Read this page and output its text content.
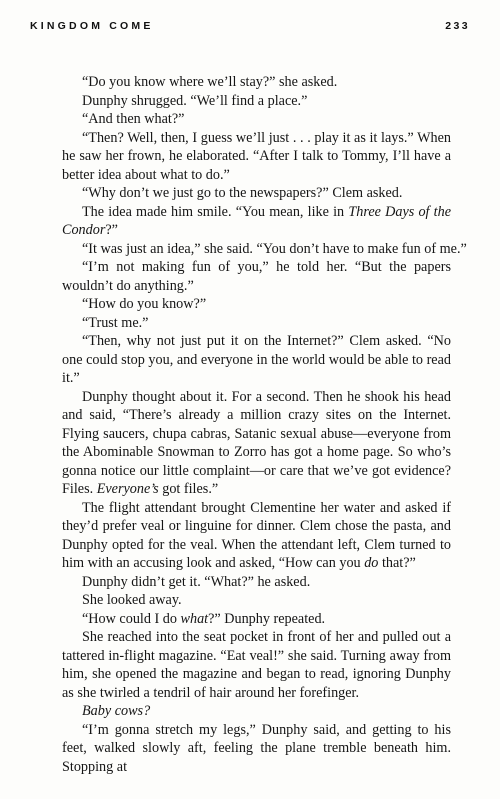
KINGDOM COME	233

“Do you know where we’ll stay?” she asked.

Dunphy shrugged. “We’ll find a place.”

“And then what?”

“Then? Well, then, I guess we’ll just . . . play it as it lays.” When he saw her frown, he elaborated. “After I talk to Tommy, I’ll have a better idea about what to do.”

“Why don’t we just go to the newspapers?” Clem asked.

The idea made him smile. “You mean, like in Three Days of the Condor?”

“It was just an idea,” she said. “You don’t have to make fun of me.”

“I’m not making fun of you,” he told her. “But the papers wouldn’t do anything.”

“How do you know?”

“Trust me.”

“Then, why not just put it on the Internet?” Clem asked. “No one could stop you, and everyone in the world would be able to read it.”

Dunphy thought about it. For a second. Then he shook his head and said, “There’s already a million crazy sites on the Internet. Flying saucers, chupa cabras, Satanic sexual abuse—everyone from the Abominable Snowman to Zorro has got a home page. So who’s gonna notice our little complaint—or care that we’ve got evidence? Files. Everyone’s got files.”

The flight attendant brought Clementine her water and asked if they’d prefer veal or linguine for dinner. Clem chose the pasta, and Dunphy opted for the veal. When the attendant left, Clem turned to him with an accusing look and asked, “How can you do that?”

Dunphy didn’t get it. “What?” he asked.

She looked away.

“How could I do what?” Dunphy repeated.

She reached into the seat pocket in front of her and pulled out a tattered in-flight magazine. “Eat veal!” she said. Turning away from him, she opened the magazine and began to read, ignoring Dunphy as she twirled a tendril of hair around her forefinger.

Baby cows?

“I’m gonna stretch my legs,” Dunphy said, and getting to his feet, walked slowly aft, feeling the plane tremble beneath him. Stopping at
